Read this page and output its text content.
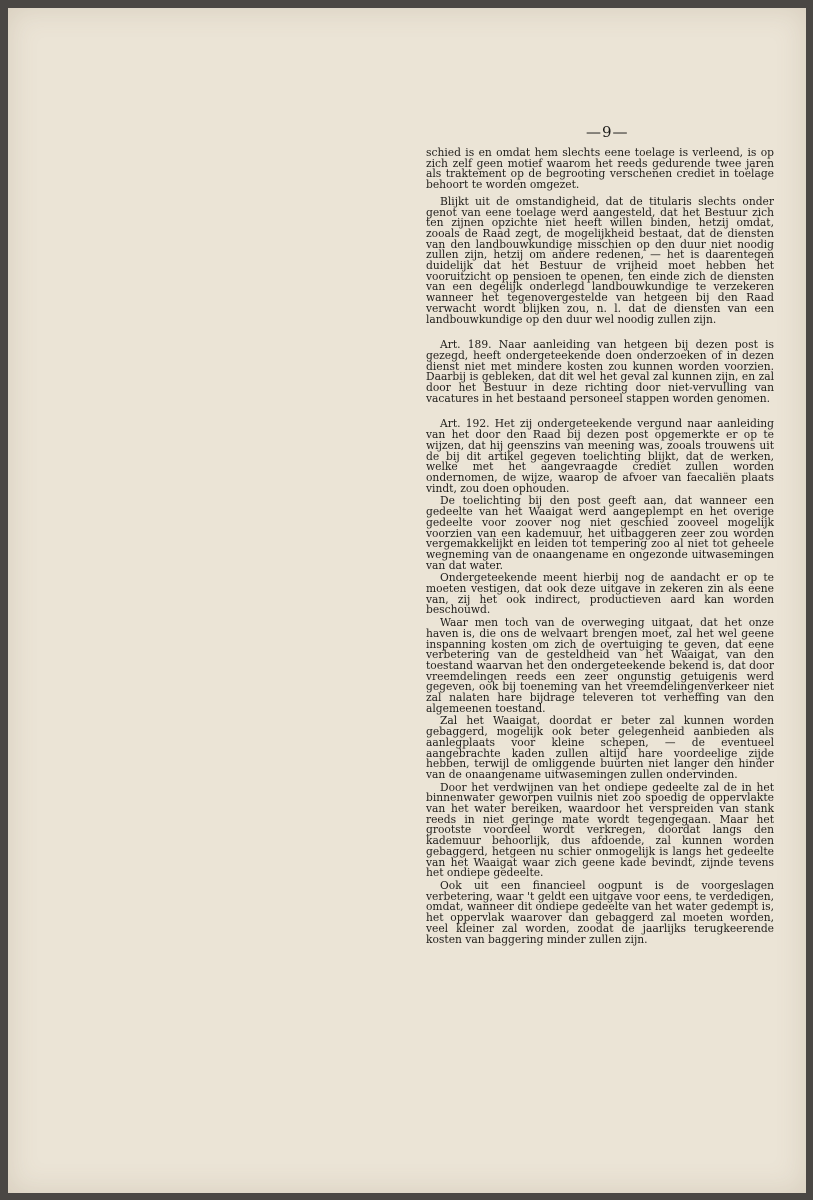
—9—

schied is en omdat hem slechts eene toelage is verleend, is op zich zelf geen motief waarom het reeds gedurende twee jaren als traktement op de begrooting verschenen crediet in toelage behoort te worden omgezet.

Blijkt uit de omstandigheid, dat de titularis slechts onder genot van eene toelage werd aangesteld, dat het Bestuur zich ten zijnen opzichte niet heeft willen binden, hetzij omdat, zooals de Raad zegt, de mogelijkheid bestaat, dat de diensten van den landbouwkundige misschien op den duur niet noodig zullen zijn, hetzij om andere redenen, — het is daarentegen duidelijk dat het Bestuur de vrijheid moet hebben het vooruitzicht op pensioen te openen, ten einde zich de diensten van een degelijk onderlegd landbouwkundige te verzekeren wanneer het tegenovergestelde van hetgeen bij den Raad verwacht wordt blijken zou, n. l. dat de diensten van een landbouwkundige op den duur wel noodig zullen zijn.

Art. 189. Naar aanleiding van hetgeen bij dezen post is gezegd, heeft ondergeteekende doen onderzoeken of in dezen dienst niet met mindere kosten zou kunnen worden voorzien. Daarbij is gebleken, dat dit wel het geval zal kunnen zijn, en zal door het Bestuur in deze richting door niet-vervulling van vacatures in het bestaand personeel stappen worden genomen.

Art. 192. Het zij ondergeteekende vergund naar aanleiding van het door den Raad bij dezen post opgemerkte er op te wijzen, dat hij geenszins van meening was, zooals trouwens uit de bij dit artikel gegeven toelichting blijkt, dat de werken, welke met het aangevraagde crediet zullen worden ondernomen, de wijze, waarop de afvoer van faecaliën plaats vindt, zou doen ophouden.

De toelichting bij den post geeft aan, dat wanneer een gedeelte van het Waaigat werd aangeplempt en het overige gedeelte voor zoover nog niet geschied zooveel mogelijk voorzien van een kademuur, het uitbaggeren zeer zou worden vergemakkelijkt en leiden tot tempering zoo al niet tot geheele wegneming van de onaangename en ongezonde uitwasemingen van dat water.

Ondergeteekende meent hierbij nog de aandacht er op te moeten vestigen, dat ook deze uitgave in zekeren zin als eene van, zij het ook indirect, productieven aard kan worden beschouwd.

Waar men toch van de overweging uitgaat, dat het onze haven is, die ons de welvaart brengen moet, zal het wel geene inspanning kosten om zich de overtuiging te geven, dat eene verbetering van de gesteldheid van het Waaigat, van den toestand waarvan het den ondergeteekende bekend is, dat door vreemdelingen reeds een zeer ongunstig getuigenis werd gegeven, ook bij toeneming van het vreemdelingenverkeer niet zal nalaten hare bijdrage televeren tot verheffing van den algemeenen toestand.

Zal het Waaigat, doordat er beter zal kunnen worden gebaggerd, mogelijk ook beter gelegenheid aanbieden als aanlegplaats voor kleine schepen, — de eventueel aangebrachte kaden zullen altijd hare voordeelige zijde hebben, terwijl de omliggende buurten niet langer den hinder van de onaangename uitwasemingen zullen ondervinden.

Door het verdwijnen van het ondiepe gedeelte zal de in het binnenwater geworpen vuilnis niet zoo spoedig de oppervlakte van het water bereiken, waardoor het verspreiden van stank reeds in niet geringe mate wordt tegengegaan. Maar het grootste voordeel wordt verkregen, doordat langs den kademuur behoorlijk, dus afdoende, zal kunnen worden gebaggerd, hetgeen nu schier onmogelijk is langs het gedeelte van het Waaigat waar zich geene kade bevindt, zijnde tevens het ondiepe gedeelte.

Ook uit een financieel oogpunt is de voorgeslagen verbetering, waar 't geldt een uitgave voor eens, te verdedigen, omdat, wanneer dit ondiepe gedeelte van het water gedempt is, het oppervlak waarover dan gebaggerd zal moeten worden, veel kleiner zal worden, zoodat de jaarlijks terugkeerende kosten van baggering minder zullen zijn.
